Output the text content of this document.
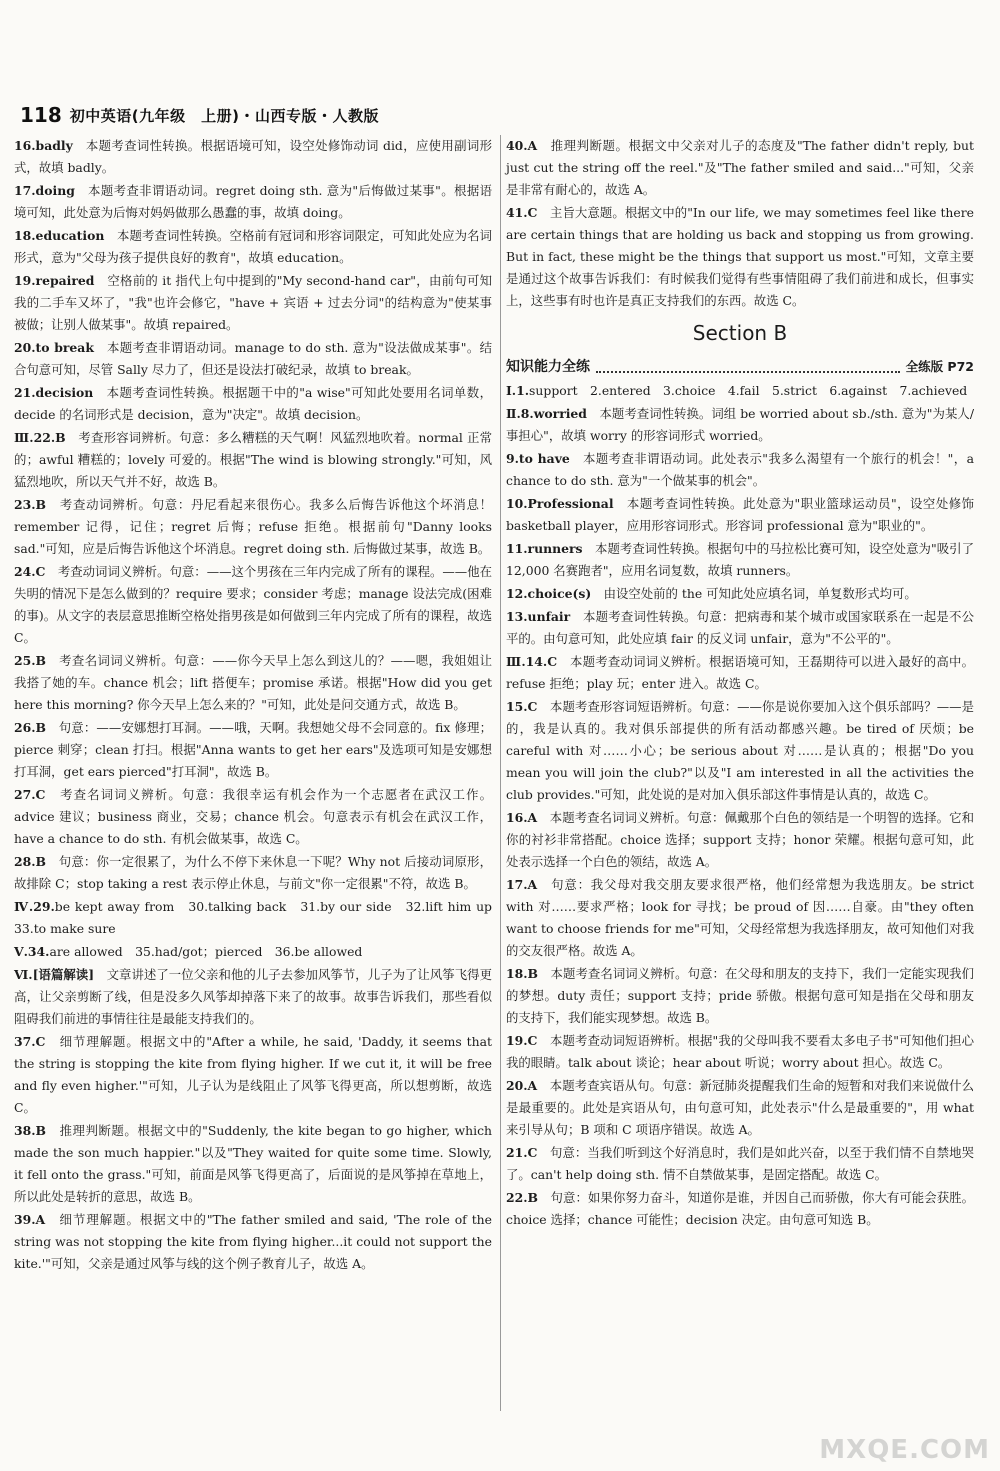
118 初中英语(九年级　上册)・山西专版・人教版

16.badly　本题考查词性转换。根据语境可知，设空处修饰动词 did，应使用副词形式，故填 badly。

17.doing　本题考查非谓语动词。regret doing sth. 意为"后悔做过某事"。根据语境可知，此处意为后悔对妈妈做那么愚蠢的事，故填 doing。

18.education　本题考查词性转换。空格前有冠词和形容词限定，可知此处应为名词形式，意为"父母为孩子提供良好的教育"，故填 education。

19.repaired　空格前的 it 指代上句中提到的"My second-hand car"，由前句可知我的二手车又坏了，"我"也许会修它，"have + 宾语 + 过去分词"的结构意为"使某事被做；让别人做某事"。故填 repaired。

20.to break　本题考查非谓语动词。manage to do sth. 意为"设法做成某事"。结合句意可知，尽管 Sally 尽力了，但还是设法打破纪录，故填 to break。

21.decision　本题考查词性转换。根据题干中的"a wise"可知此处要用名词单数，decide 的名词形式是 decision，意为"决定"。故填 decision。

Ⅲ.22.B　考查形容词辨析。句意：多么糟糕的天气啊！风猛烈地吹着。normal 正常的；awful 糟糕的；lovely 可爱的。根据"The wind is blowing strongly."可知，风猛烈地吹，所以天气并不好，故选 B。

23.B　考查动词辨析。句意：丹尼看起来很伤心。我多么后悔告诉他这个坏消息！remember 记得，记住；regret 后悔；refuse 拒绝。根据前句"Danny looks sad."可知，应是后悔告诉他这个坏消息。regret doing sth. 后悔做过某事，故选 B。

24.C　考查动词词义辨析。句意：——这个男孩在三年内完成了所有的课程。——他在失明的情况下是怎么做到的？require 要求；consider 考虑；manage 设法完成(困难的事)。从文字的表层意思推断空格处指男孩是如何做到三年内完成了所有的课程，故选 C。

25.B　考查名词词义辨析。句意：——你今天早上怎么到这儿的？——嗯，我姐姐让我搭了她的车。chance 机会；lift 搭便车；promise 承诺。根据"How did you get here this morning? 你今天早上怎么来的？"可知，此处是问交通方式，故选 B。

26.B　句意：——安娜想打耳洞。——哦，天啊。我想她父母不会同意的。fix 修理；pierce 刺穿；clean 打扫。根据"Anna wants to get her ears"及选项可知是安娜想打耳洞，get ears pierced"打耳洞"，故选 B。

27.C　考查名词词义辨析。句意：我很幸运有机会作为一个志愿者在武汉工作。advice 建议；business 商业，交易；chance 机会。句意表示有机会在武汉工作，have a chance to do sth. 有机会做某事，故选 C。

28.B　句意：你一定很累了，为什么不停下来休息一下呢？Why not 后接动词原形，故排除 C；stop taking a rest 表示停止休息，与前文"你一定很累"不符，故选 B。

Ⅳ.29.be kept away from　30.talking back　31.by our side　32.lift him up　33.to make sure

Ⅴ.34.are allowed　35.had/got；pierced　36.be allowed

Ⅵ.[语篇解读]　文章讲述了一位父亲和他的儿子去参加风筝节，儿子为了让风筝飞得更高，让父亲剪断了线，但是没多久风筝却掉落下来了的故事。故事告诉我们，那些看似阻碍我们前进的事情往往是最能支持我们的。

37.C　细节理解题。根据文中的"After a while, he said, 'Daddy, it seems that the string is stopping the kite from flying higher. If we cut it, it will be free and fly even higher.'"可知，儿子认为是线阻止了风筝飞得更高，所以想剪断，故选 C。

38.B　推理判断题。根据文中的"Suddenly, the kite began to go higher, which made the son much happier."以及"They waited for quite some time. Slowly, it fell onto the grass."可知，前面是风筝飞得更高了，后面说的是风筝掉在草地上，所以此处是转折的意思，故选 B。

39.A　细节理解题。根据文中的"The father smiled and said, 'The role of the string was not stopping the kite from flying higher...it could not support the kite.'"可知，父亲是通过风筝与线的这个例子教育儿子，故选 A。

40.A　推理判断题。根据文中父亲对儿子的态度及"The father didn't reply, but just cut the string off the reel."及"The father smiled and said..."可知，父亲是非常有耐心的，故选 A。

41.C　主旨大意题。根据文中的"In our life, we may sometimes feel like there are certain things that are holding us back and stopping us from growing. But in fact, these might be the things that support us most."可知，文章主要是通过这个故事告诉我们：有时候我们觉得有些事情阻碍了我们前进和成长，但事实上，这些事有时也许是真正支持我们的东西。故选 C。

Section B
知识能力全练	全练版 P72

Ⅰ.1.support　2.entered　3.choice　4.fail　5.strict　6.against　7.achieved

Ⅱ.8.worried　本题考查词性转换。词组 be worried about sb./sth. 意为"为某人/事担心"，故填 worry 的形容词形式 worried。

9.to have　本题考查非谓语动词。此处表示"我多么渴望有一个旅行的机会！"，a chance to do sth. 意为"一个做某事的机会"。

10.Professional　本题考查词性转换。此处意为"职业篮球运动员"，设空处修饰 basketball player，应用形容词形式。形容词 professional 意为"职业的"。

11.runners　本题考查词性转换。根据句中的马拉松比赛可知，设空处意为"吸引了 12,000 名赛跑者"，应用名词复数，故填 runners。

12.choice(s)　由设空处前的 the 可知此处应填名词，单复数形式均可。

13.unfair　本题考查词性转换。句意：把病毒和某个城市或国家联系在一起是不公平的。由句意可知，此处应填 fair 的反义词 unfair，意为"不公平的"。

Ⅲ.14.C　本题考查动词词义辨析。根据语境可知，王磊期待可以进入最好的高中。refuse 拒绝；play 玩；enter 进入。故选 C。

15.C　本题考查形容词短语辨析。句意：——你是说你要加入这个俱乐部吗？——是的，我是认真的。我对俱乐部提供的所有活动都感兴趣。be tired of 厌烦；be careful with 对……小心；be serious about 对……是认真的；根据"Do you mean you will join the club?"以及"I am interested in all the activities the club provides."可知，此处说的是对加入俱乐部这件事情是认真的，故选 C。

16.A　本题考查名词词义辨析。句意：佩戴那个白色的领结是一个明智的选择。它和你的衬衫非常搭配。choice 选择；support 支持；honor 荣耀。根据句意可知，此处表示选择一个白色的领结，故选 A。

17.A　句意：我父母对我交朋友要求很严格，他们经常想为我选朋友。be strict with 对……要求严格；look for 寻找；be proud of 因……自豪。由"they often want to choose friends for me"可知，父母经常想为我选择朋友，故可知他们对我的交友很严格。故选 A。

18.B　本题考查名词词义辨析。句意：在父母和朋友的支持下，我们一定能实现我们的梦想。duty 责任；support 支持；pride 骄傲。根据句意可知是指在父母和朋友的支持下，我们能实现梦想。故选 B。

19.C　本题考查动词短语辨析。根据"我的父母叫我不要看太多电子书"可知他们担心我的眼睛。talk about 谈论；hear about 听说；worry about 担心。故选 C。

20.A　本题考查宾语从句。句意：新冠肺炎提醒我们生命的短暂和对我们来说做什么是最重要的。此处是宾语从句，由句意可知，此处表示"什么是最重要的"，用 what 来引导从句；B 项和 C 项语序错误。故选 A。

21.C　句意：当我们听到这个好消息时，我们是如此兴奋，以至于我们情不自禁地哭了。can't help doing sth. 情不自禁做某事，是固定搭配。故选 C。

22.B　句意：如果你努力奋斗，知道你是谁，并因自己而骄傲，你大有可能会获胜。choice 选择；chance 可能性；decision 决定。由句意可知选 B。

MXQE.COM
